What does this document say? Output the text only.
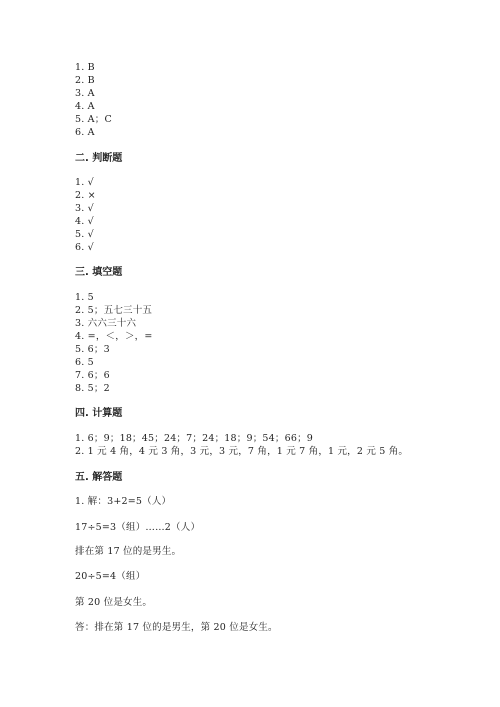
1. B
2. B
3. A
4. A
5. A；C
6. A
二. 判断题
1. √
2. ×
3. √
4. √
5. √
6. √
三. 填空题
1. 5
2. 5；五七三十五
3. 六六三十六
4. =，＜，＞，=
5. 6；3
6. 5
7. 6；6
8. 5；2
四. 计算题
1. 6；9；18；45；24；7；24；18；9；54；66；9
2. 1 元 4 角，4 元 3 角，3 元，3 元，7 角，1 元 7 角，1 元，2 元 5 角。
五. 解答题
1. 解：3+2=5（人）
17÷5=3（组）……2（人）
排在第 17 位的是男生。
20÷5=4（组）
第 20 位是女生。
答：排在第 17 位的是男生，第 20 位是女生。
